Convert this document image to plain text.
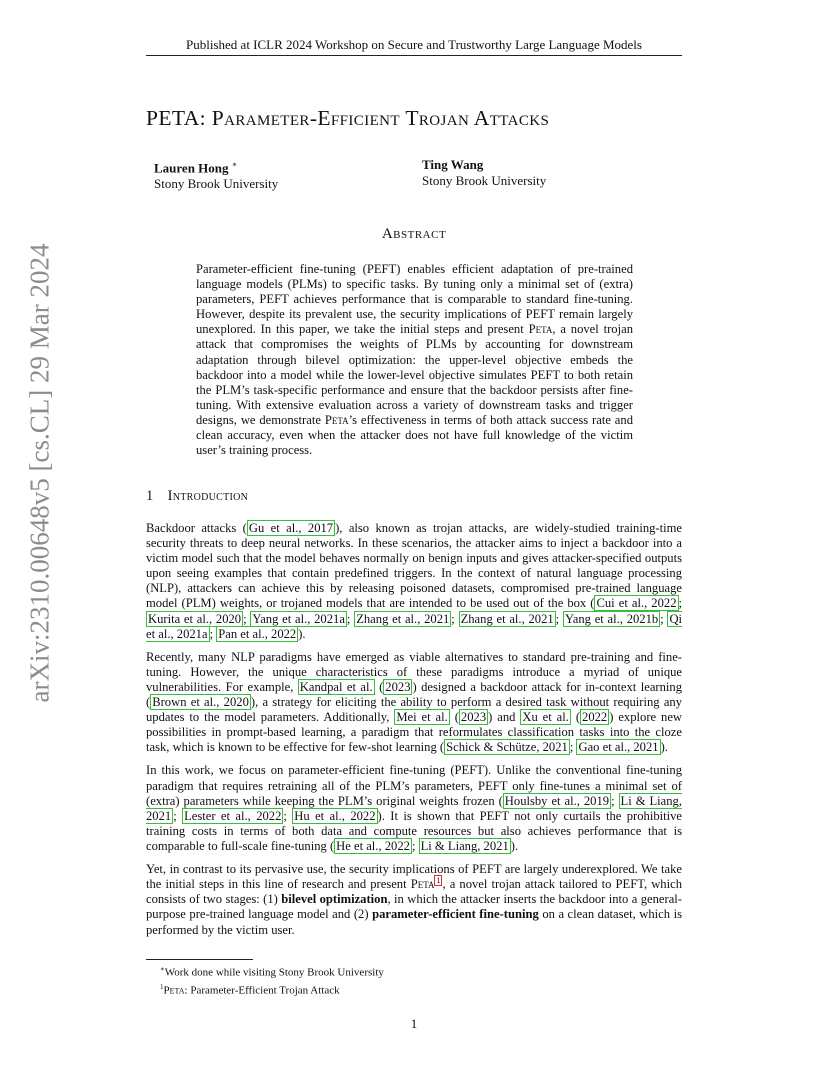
Published at ICLR 2024 Workshop on Secure and Trustworthy Large Language Models
PETA: Parameter-Efficient Trojan Attacks
Lauren Hong ∗
Stony Brook University
Ting Wang
Stony Brook University
Abstract
Parameter-efficient fine-tuning (PEFT) enables efficient adaptation of pre-trained language models (PLMs) to specific tasks. By tuning only a minimal set of (extra) parameters, PEFT achieves performance that is comparable to standard fine-tuning. However, despite its prevalent use, the security implications of PEFT remain largely unexplored. In this paper, we take the initial steps and present Peta, a novel trojan attack that compromises the weights of PLMs by accounting for downstream adaptation through bilevel optimization: the upper-level objective embeds the backdoor into a model while the lower-level objective simulates PEFT to both retain the PLM’s task-specific performance and ensure that the backdoor persists after fine-tuning. With extensive evaluation across a variety of downstream tasks and trigger designs, we demonstrate Peta’s effectiveness in terms of both attack success rate and clean accuracy, even when the attacker does not have full knowledge of the victim user’s training process.
1 Introduction

Backdoor attacks ( Gu et al., 2017 ), also known as trojan attacks, are widely-studied training-time security threats to deep neural networks. In these scenarios, the attacker aims to inject a backdoor into a victim model such that the model behaves normally on benign inputs and gives attacker-specified outputs upon seeing examples that contain predefined triggers. In the context of natural language processing (NLP), attackers can achieve this by releasing poisoned datasets, compromised pre-trained language model (PLM) weights, or trojaned models that are intended to be used out of the box ( Cui et al., 2022 ; Kurita et al., 2020 ; Yang et al., 2021a ; Zhang et al., 2021 ; Zhang et al., 2021 ; Yang et al., 2021b ; Qi et al., 2021a ; Pan et al., 2022 ).

Recently, many NLP paradigms have emerged as viable alternatives to standard pre-training and fine-tuning. However, the unique characteristics of these paradigms introduce a myriad of unique vulnerabilities. For example, Kandpal et al. ( 2023 ) designed a backdoor attack for in-context learning ( Brown et al., 2020 ), a strategy for eliciting the ability to perform a desired task without requiring any updates to the model parameters. Additionally, Mei et al. ( 2023 ) and Xu et al. ( 2022 ) explore new possibilities in prompt-based learning, a paradigm that reformulates classification tasks into the cloze task, which is known to be effective for few-shot learning ( Schick & Schütze, 2021 ; Gao et al., 2021 ).

In this work, we focus on parameter-efficient fine-tuning (PEFT). Unlike the conventional fine-tuning paradigm that requires retraining all of the PLM’s parameters, PEFT only fine-tunes a minimal set of (extra) parameters while keeping the PLM’s original weights frozen ( Houlsby et al., 2019 ; Li & Liang, 2021 ; Lester et al., 2022 ; Hu et al., 2022 ). It is shown that PEFT not only curtails the prohibitive training costs in terms of both data and compute resources but also achieves performance that is comparable to full-scale fine-tuning ( He et al., 2022 ; Li & Liang, 2021 ).

Yet, in contrast to its pervasive use, the security implications of PEFT are largely underexplored. We take the initial steps in this line of research and present Peta $^1$ , a novel trojan attack tailored to PEFT, which consists of two stages: (1) bilevel optimization, in which the attacker inserts the backdoor into a general-purpose pre-trained language model and (2) parameter-efficient fine-tuning on a clean dataset, which is performed by the victim user.

∗Work done while visiting Stony Brook University
$^1$Peta: Parameter-Efficient Trojan Attack
1
arXiv:2310.00648v5 [cs.CL] 29 Mar 2024
